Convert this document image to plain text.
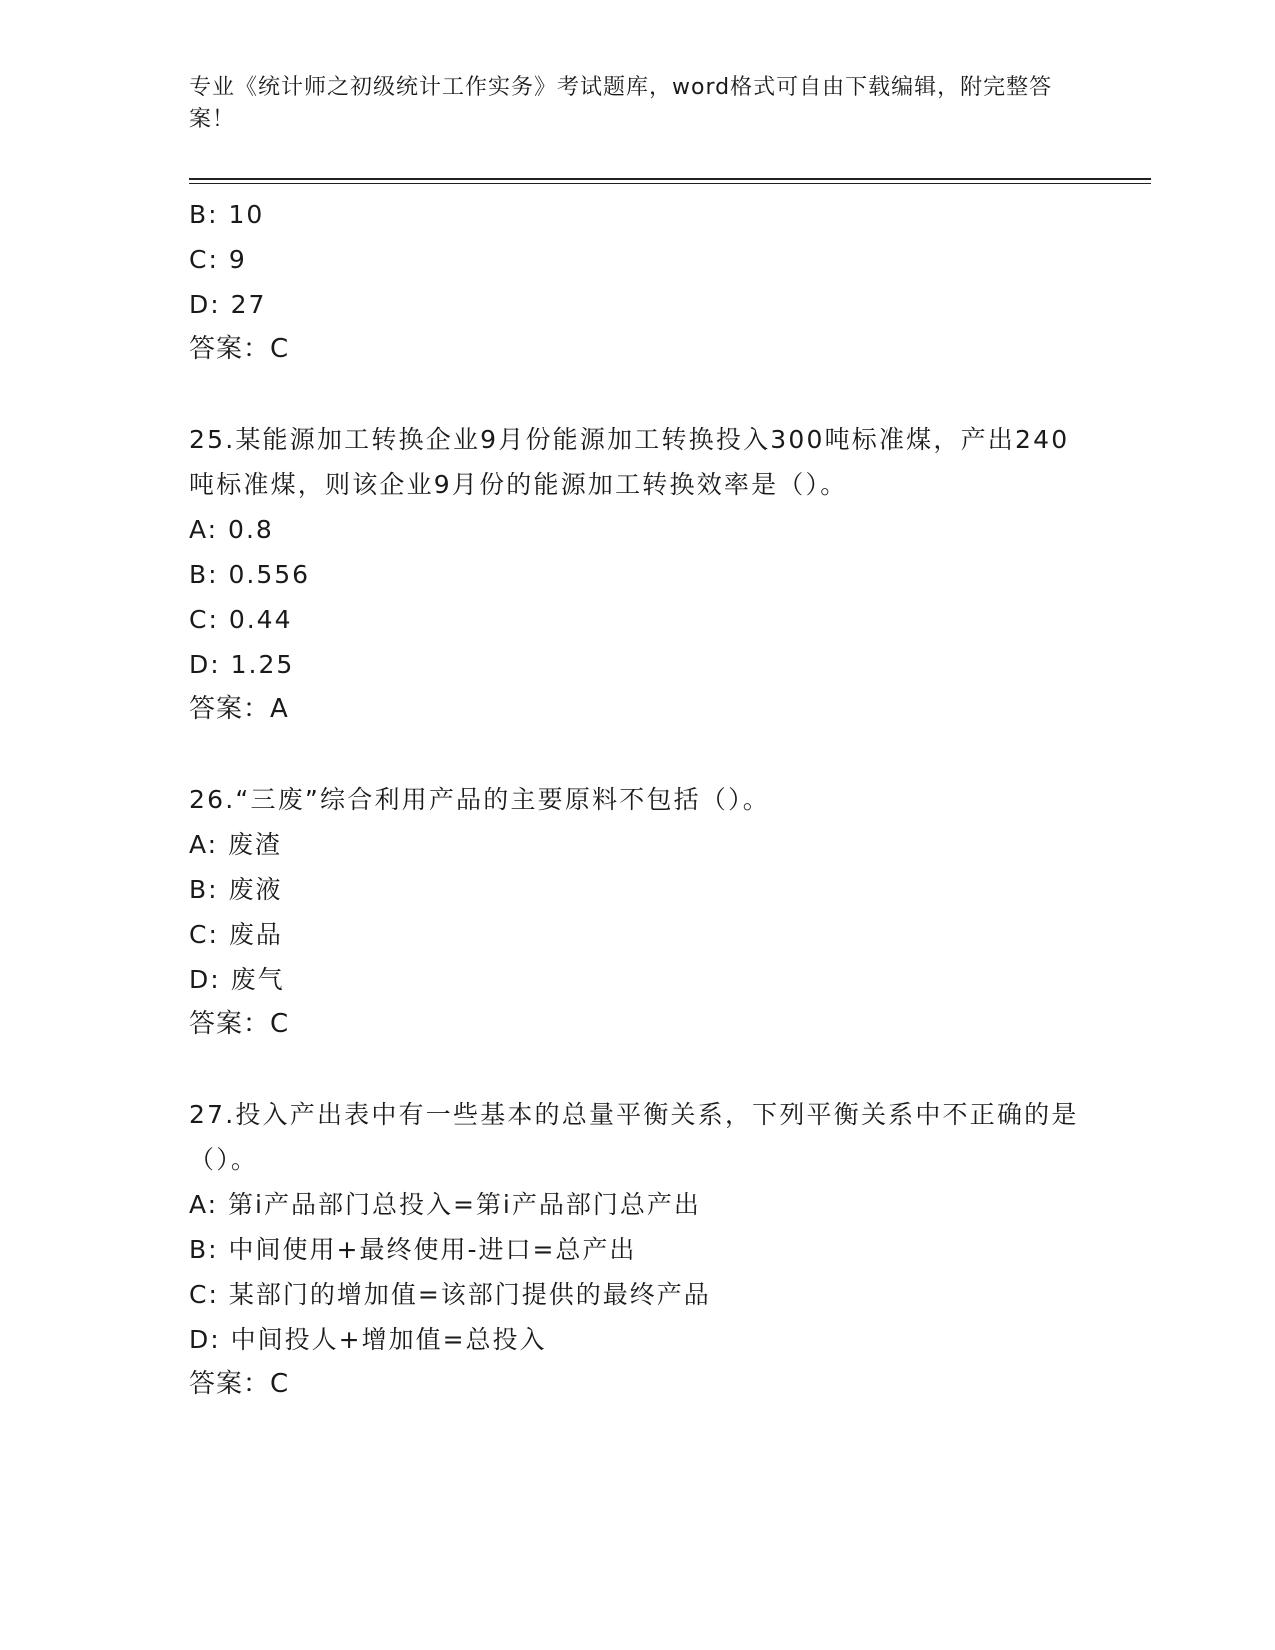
专业《统计师之初级统计工作实务》考试题库，word格式可自由下载编辑，附完整答案！
B: 10
C: 9
D: 27
答案：C
25.某能源加工转换企业9月份能源加工转换投入300吨标准煤，产出240吨标准煤，则该企业9月份的能源加工转换效率是（）。
A: 0.8
B: 0.556
C: 0.44
D: 1.25
答案：A
26.“三废”综合利用产品的主要原料不包括（）。
A: 废渣
B: 废液
C: 废品
D: 废气
答案：C
27.投入产出表中有一些基本的总量平衡关系，下列平衡关系中不正确的是（）。
A: 第i产品部门总投入=第i产品部门总产出
B: 中间使用+最终使用-进口=总产出
C: 某部门的增加值=该部门提供的最终产品
D: 中间投人+增加值=总投入
答案：C
